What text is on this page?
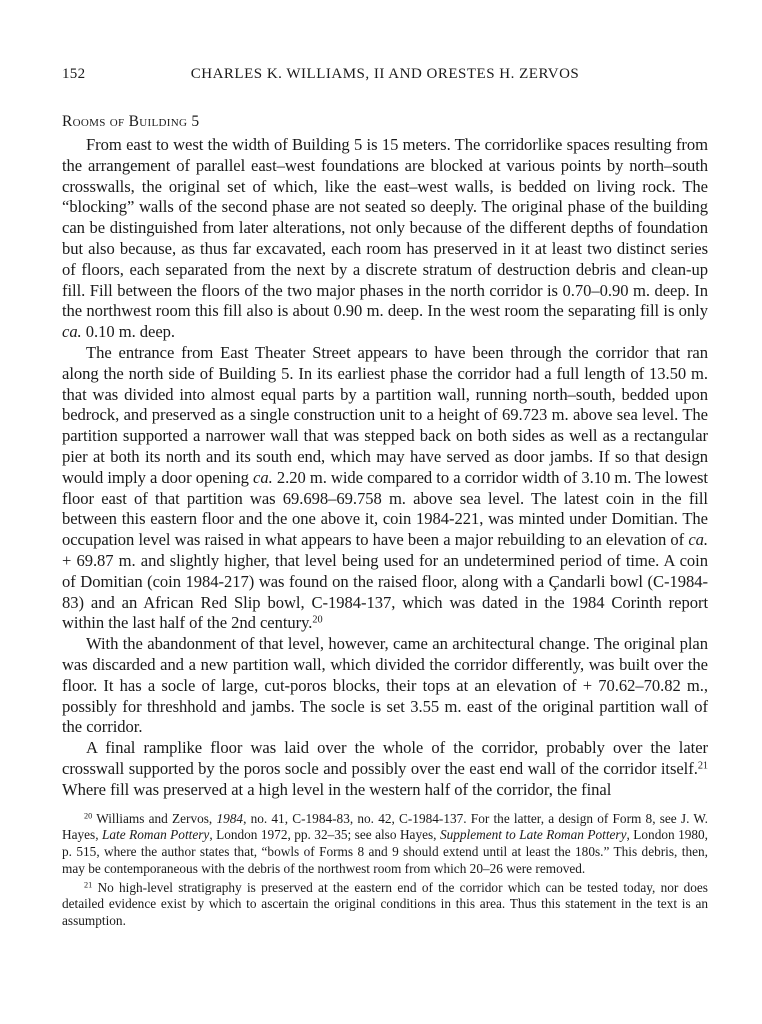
152	CHARLES K. WILLIAMS, II AND ORESTES H. ZERVOS
Rooms of Building 5

From east to west the width of Building 5 is 15 meters. The corridorlike spaces resulting from the arrangement of parallel east–west foundations are blocked at various points by north–south crosswalls, the original set of which, like the east–west walls, is bedded on living rock. The “blocking” walls of the second phase are not seated so deeply. The original phase of the building can be distinguished from later alterations, not only because of the different depths of foundation but also because, as thus far excavated, each room has preserved in it at least two distinct series of floors, each separated from the next by a discrete stratum of destruction debris and clean-up fill. Fill between the floors of the two major phases in the north corridor is 0.70–0.90 m. deep. In the northwest room this fill also is about 0.90 m. deep. In the west room the separating fill is only ca. 0.10 m. deep.

The entrance from East Theater Street appears to have been through the corridor that ran along the north side of Building 5. In its earliest phase the corridor had a full length of 13.50 m. that was divided into almost equal parts by a partition wall, running north–south, bedded upon bedrock, and preserved as a single construction unit to a height of 69.723 m. above sea level. The partition supported a narrower wall that was stepped back on both sides as well as a rectangular pier at both its north and its south end, which may have served as door jambs. If so that design would imply a door opening ca. 2.20 m. wide compared to a corridor width of 3.10 m. The lowest floor east of that partition was 69.698–69.758 m. above sea level. The latest coin in the fill between this eastern floor and the one above it, coin 1984-221, was minted under Domitian. The occupation level was raised in what appears to have been a major rebuilding to an elevation of ca. + 69.87 m. and slightly higher, that level being used for an undetermined period of time. A coin of Domitian (coin 1984-217) was found on the raised floor, along with a Çandarli bowl (C-1984-83) and an African Red Slip bowl, C-1984-137, which was dated in the 1984 Corinth report within the last half of the 2nd century.$^{20}$

With the abandonment of that level, however, came an architectural change. The original plan was discarded and a new partition wall, which divided the corridor differently, was built over the floor. It has a socle of large, cut-poros blocks, their tops at an elevation of + 70.62–70.82 m., possibly for threshhold and jambs. The socle is set 3.55 m. east of the original partition wall of the corridor.

A final ramplike floor was laid over the whole of the corridor, probably over the later crosswall supported by the poros socle and possibly over the east end wall of the corridor itself.$^{21}$ Where fill was preserved at a high level in the western half of the corridor, the final

$^{20}$ Williams and Zervos, 1984, no. 41, C-1984-83, no. 42, C-1984-137. For the latter, a design of Form 8, see J. W. Hayes, Late Roman Pottery, London 1972, pp. 32–35; see also Hayes, Supplement to Late Roman Pottery, London 1980, p. 515, where the author states that, “bowls of Forms 8 and 9 should extend until at least the 180s.” This debris, then, may be contemporaneous with the debris of the northwest room from which 20–26 were removed.

$^{21}$ No high-level stratigraphy is preserved at the eastern end of the corridor which can be tested today, nor does detailed evidence exist by which to ascertain the original conditions in this area. Thus this statement in the text is an assumption.
